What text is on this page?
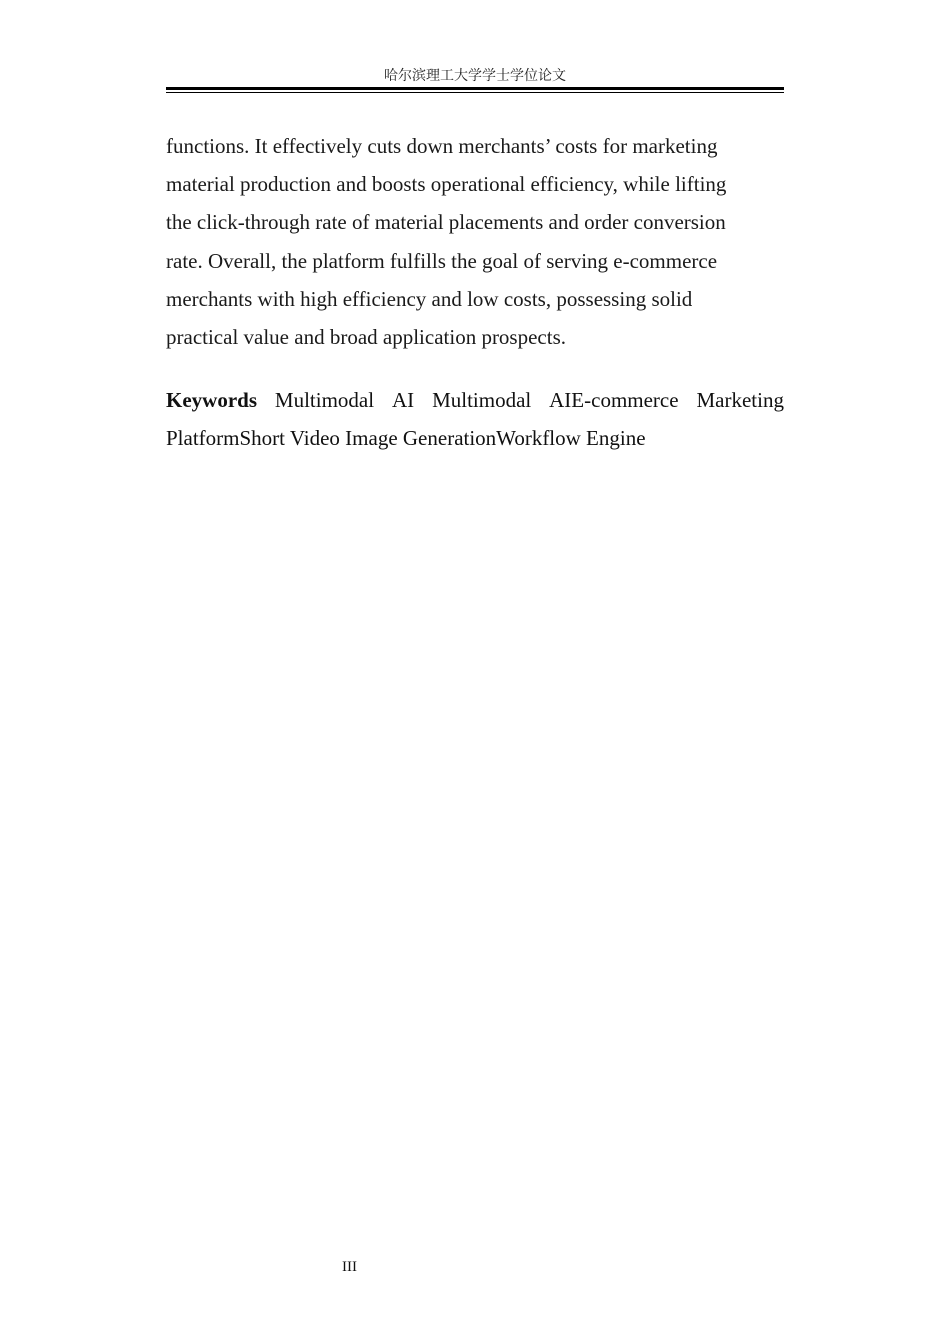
哈尔滨理工大学学士学位论文
functions. It effectively cuts down merchants’ costs for marketing
material production and boosts operational efficiency, while lifting
the click-through rate of material placements and order conversion
rate. Overall, the platform fulfills the goal of serving e-commerce
merchants with high efficiency and low costs, possessing solid
practical value and broad application prospects.
Keywords Multimodal AI Multimodal AIE-commerce Marketing
PlatformShort Video Image GenerationWorkflow Engine
III
